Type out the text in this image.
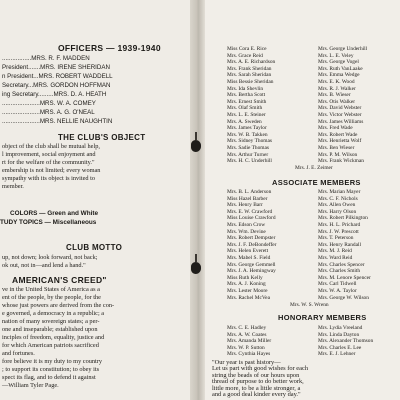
OFFICERS — 1939-1940
.................MRS. R. F. MADDEN
President.......MRS. IRENE SHERIDAN
n President...MRS. ROBERT WADDELL
Secretary...MRS. GORDON HOFFMAN
ing Secretary.........MRS. D. A. HEATH
......................MRS. W. A. COMEY
......................MRS. A. G. O'NEAL
......................MRS. NELLIE NAUGHTIN
THE CLUB'S OBJECT
object of the club shall be mutual help,
l improvement, social enjoyment and
rt for the welfare of the community."
embership is not limited; every woman
sympathy with its object is invited to
member.
COLORS — Green and White
TUDY TOPICS — Miscellaneous
CLUB MOTTO
up, not down; look forward, not back;
ok out, not in—and lend a hand."
AMERICAN'S CREED"
ve in the United States of America as a
ent of the people, by the people, for the
whose just powers are derived from the con-
e governed, a democracy in a republic; a
nation of many sovereign states; a per-
one and inseparable; established upon
inciples of freedom, equality, justice and
for which American patriots sacrificed
and fortunes.
fore believe it is my duty to my country
; to support its constitution; to obey its
spect its flag, and to defend it against
—William Tyler Page.
Miss Cora E. Rice
Mrs. Grace Reid
Mrs. A. E. Richardson
Mrs. Frank Sheridan
Mrs. Sarah Sheridan
Miss Bessie Sheridan
Mrs. Ida Shevlin
Mrs. Bertha Scott
Mrs. Ernest Smith
Mrs. Olaf Smith
Mrs. L. E. Steiner
Mrs. A. Sweden
Mrs. James Taylor
Mrs. W. B. Takken
Mrs. Sidney Thomas
Mrs. Sadie Thomas
Mrs. Arthur Turner
Mrs. H. C. Underhill
Mrs. George Underhill
Mrs. L. E. Veley
Mrs. George Vogel
Mrs. Ruth VanLaake
Mrs. Emma Wedge
Mrs. E. K. Wood
Mrs. R. J. Walker
Mrs. B. Wieser
Mrs. Otis Walker
Mrs. David Webster
Mrs. Victor Webster
Mrs. James Williams
Mrs. Fred Wade
Mrs. Robert Wade
Mrs. Henrietta Wolf
Mrs. Ben Wieser
Mrs. P. M. Wilson
Mrs. Frank Wickman
Mrs. J. E. Zeimer
ASSOCIATE MEMBERS
Mrs. B. L. Anderson
Miss Hazel Barber
Mrs. Henry Barr
Mrs. E. W. Crawford
Miss Louise Crawford
Mrs. Edson Crow
Mrs. Wm. Devine
Mrs. Robert Dempster
Mrs. J. F. DeBondeffer
Mrs. Helen Everett
Mrs. Mabel S. Field
Mrs. George Gemmell
Mrs. J. A. Hemingway
Miss Ruth Kelly
Mrs. A. J. Koning
Mrs. Lester Moore
Mrs. Rachel McVea
Mrs. Marian Mayer
Mrs. C. F. Nichols
Mrs. Allen Owen
Mrs. Harry Olson
Mrs. Robert Pilkington
Mrs. H. L. Prichard
Mrs. J. W. Prescott
Mrs. T. Peterson
Mrs. Henry Randall
Mrs. M. J. Reid
Mrs. Ward Reid
Mrs. Charles Spencer
Mrs. Charles Smith
Mrs. M. Lenore Spencer
Mrs. Carl Tidwell
Mrs. W. A. Taylor
Mrs. George W. Wilson
Mrs. W. S. Wrenn
HONORARY MEMBERS
Mrs. C. E. Hadley
Mrs. A. W. Coates
Mrs. Amanda Miller
Mrs. W. P. Sutton
Mrs. Cynthia Hayes
Mrs. Lydia Vreeland
Mrs. Linda Dayton
Mrs. Alexander Thomson
Mrs. Charles E. Lee
Mrs. E. J. Lehner
"Our year is past history—
Let us part with good wishes for each
string the beads of our hours upon
thread of purpose to do better work,
little more, to be a little stronger, a
and a good deal kinder every day."
